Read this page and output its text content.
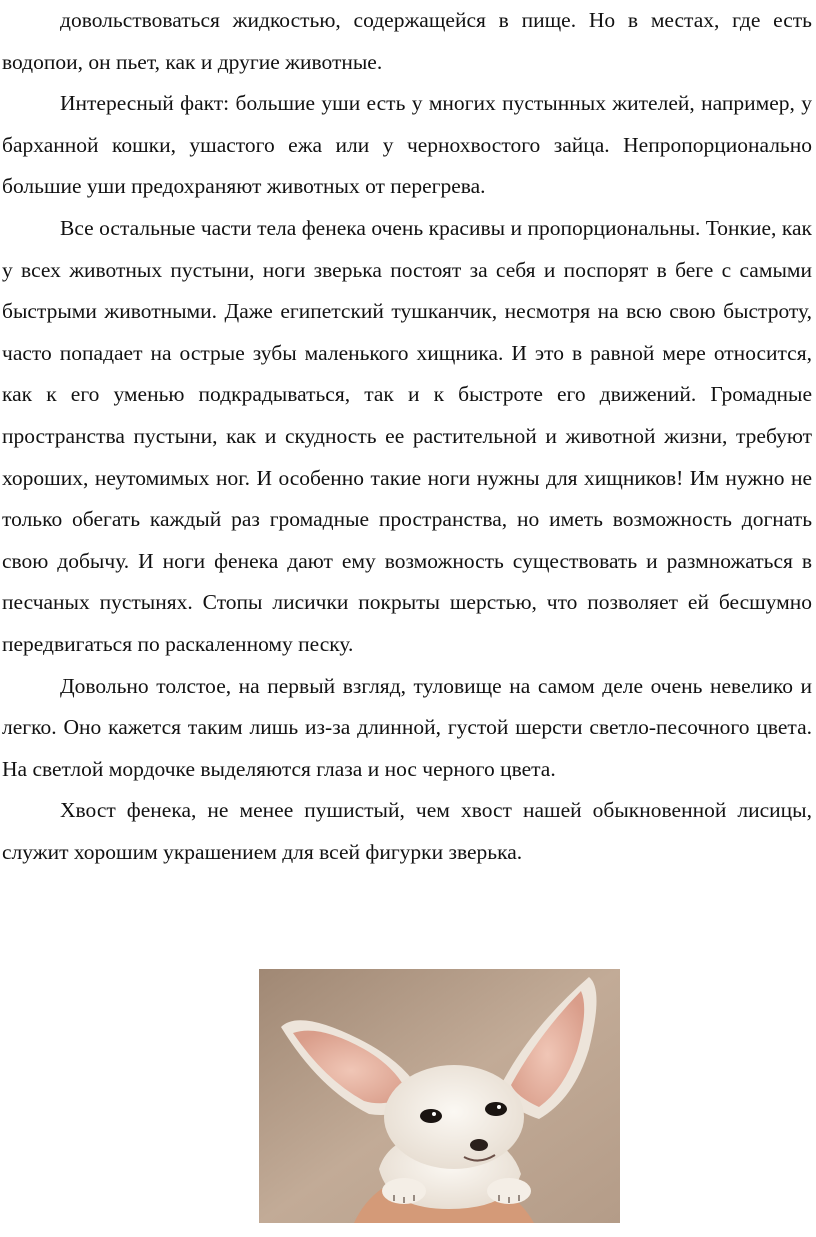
довольствоваться жидкостью, содержащейся в пище. Но в местах, где есть водопои, он пьет, как и другие животные.

Интересный факт: большие уши есть у многих пустынных жителей, например, у барханной кошки, ушастого ежа или у чернохвостого зайца. Непропорционально большие уши предохраняют животных от перегрева.

Все остальные части тела фенека очень красивы и пропорциональны. Тонкие, как у всех животных пустыни, ноги зверька постоят за себя и поспорят в беге с самыми быстрыми животными. Даже египетский тушканчик, несмотря на всю свою быстроту, часто попадает на острые зубы маленького хищника. И это в равной мере относится, как к его уменью подкрадываться, так и к быстроте его движений. Громадные пространства пустыни, как и скудность ее растительной и животной жизни, требуют хороших, неутомимых ног. И особенно такие ноги нужны для хищников! Им нужно не только обегать каждый раз громадные пространства, но иметь возможность догнать свою добычу. И ноги фенека дают ему возможность существовать и размножаться в песчаных пустынях. Стопы лисички покрыты шерстью, что позволяет ей бесшумно передвигаться по раскаленному песку.

Довольно толстое, на первый взгляд, туловище на самом деле очень невелико и легко. Оно кажется таким лишь из-за длинной, густой шерсти светло-песочного цвета. На светлой мордочке выделяются глаза и нос черного цвета.

Хвост фенека, не менее пушистый, чем хвост нашей обыкновенной лисицы, служит хорошим украшением для всей фигурки зверька.
